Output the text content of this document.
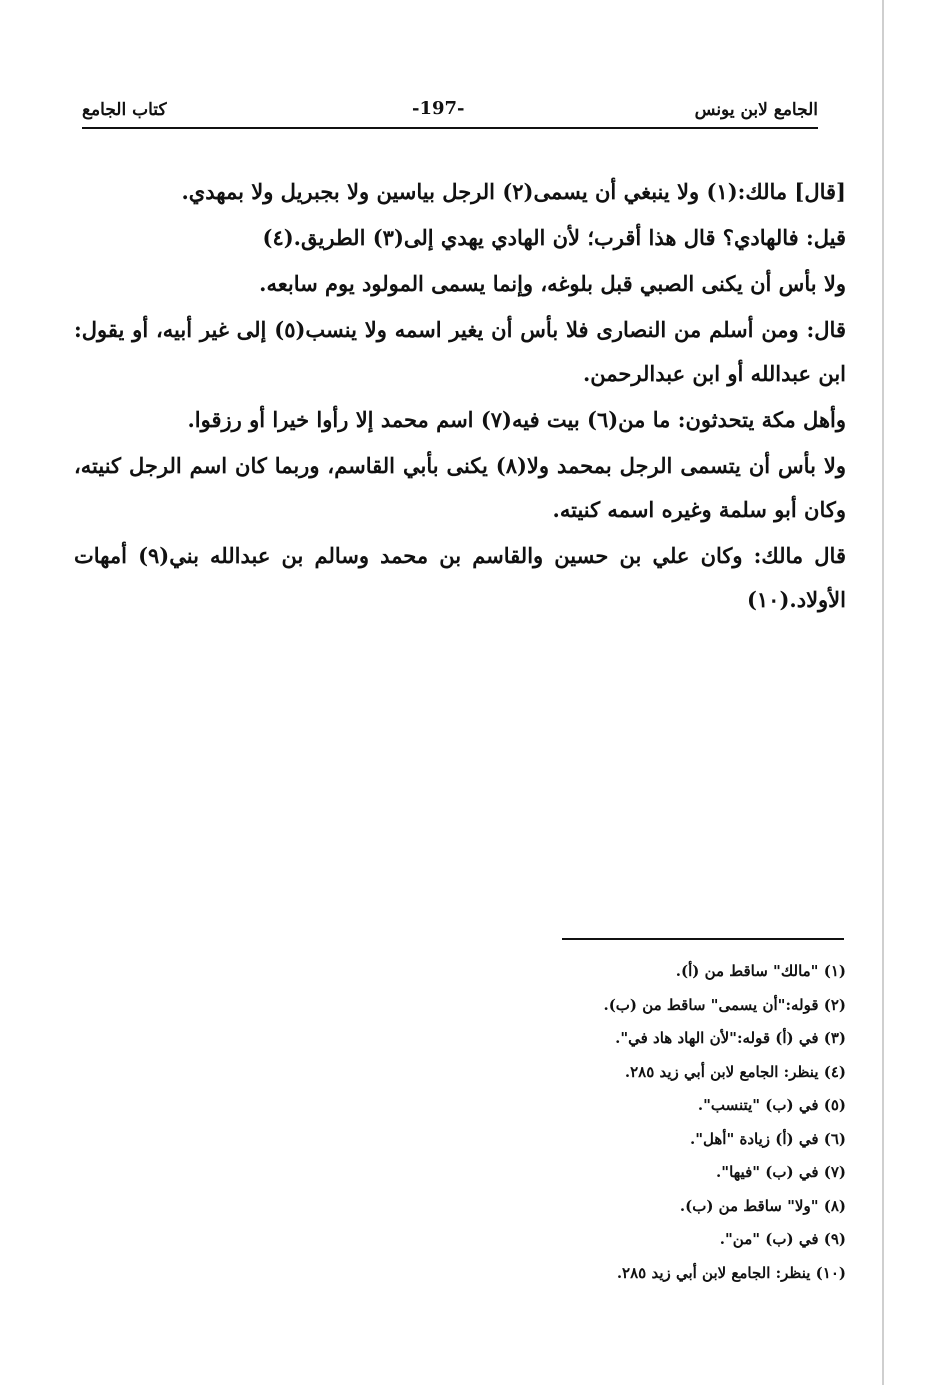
الجامع لابن يونس
-197-
كتاب الجامع

[قال] مالك:(١) ولا ينبغي أن يسمى(٢) الرجل بياسين ولا بجبريل ولا بمهدي.

قيل: فالهادي؟ قال هذا أقرب؛ لأن الهادي يهدي إلى(٣) الطريق.(٤)

ولا بأس أن يكنى الصبي قبل بلوغه، وإنما يسمى المولود يوم سابعه.

قال: ومن أسلم من النصارى فلا بأس أن يغير اسمه ولا ينسب(٥) إلى غير أبيه، أو يقول: ابن عبدالله أو ابن عبدالرحمن.

وأهل مكة يتحدثون: ما من(٦) بيت فيه(٧) اسم محمد إلا رأوا خيرا أو رزقوا.

ولا بأس أن يتسمى الرجل بمحمد ولا(٨) يكنى بأبي القاسم، وربما كان اسم الرجل كنيته، وكان أبو سلمة وغيره اسمه كنيته.

قال مالك: وكان علي بن حسين والقاسم بن محمد وسالم بن عبدالله بني(٩) أمهات الأولاد.(١٠)

(١) "مالك" ساقط من (أ).
(٢) قوله:"أن يسمى" ساقط من (ب).
(٣) في (أ) قوله:"لأن الهاد هاد في".
(٤) ينظر: الجامع لابن أبي زيد ٢٨٥.
(٥) في (ب) "يتنسب".
(٦) في (أ) زيادة "أهل".
(٧) في (ب) "فيها".
(٨) "ولا" ساقط من (ب).
(٩) في (ب) "من".
(١٠) ينظر: الجامع لابن أبي زيد ٢٨٥.
